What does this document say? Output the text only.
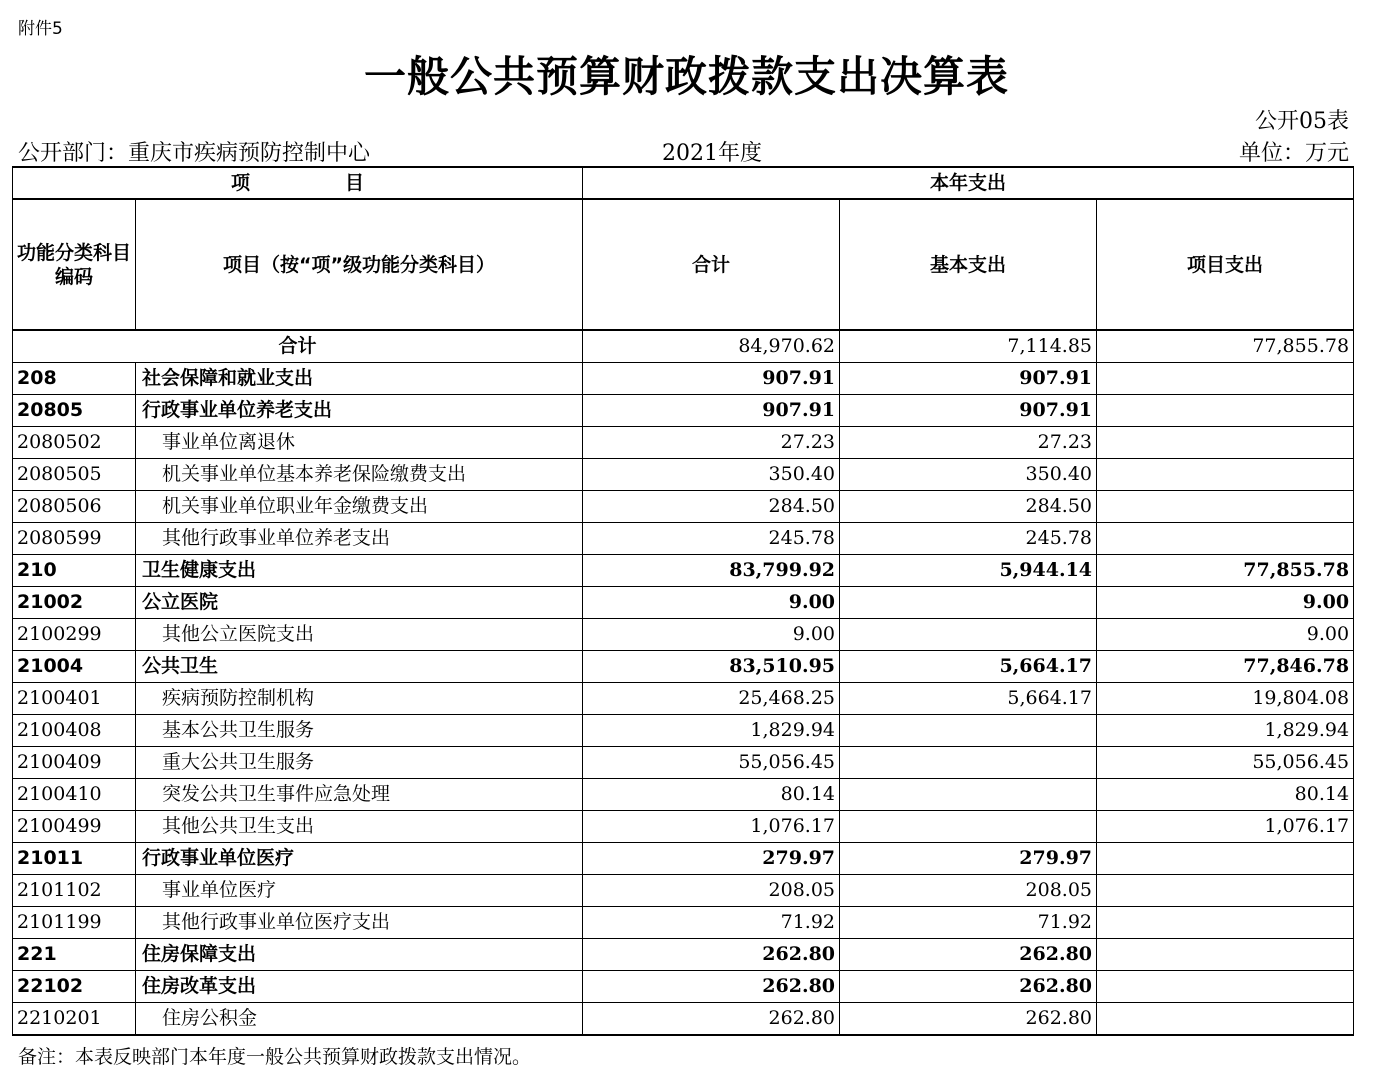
附件5
一般公共预算财政拨款支出决算表
公开05表
公开部门：重庆市疾病预防控制中心	2021年度	单位：万元
项　　　　　目		本年支出		
功能分类科目编码	项目（按“项”级功能分类科目）	合计	基本支出	项目支出
合计		84,970.62	7,114.85	77,855.78
208	社会保障和就业支出	907.91	907.91	
20805	行政事业单位养老支出	907.91	907.91	
2080502	事业单位离退休	27.23	27.23	
2080505	机关事业单位基本养老保险缴费支出	350.40	350.40	
2080506	机关事业单位职业年金缴费支出	284.50	284.50	
2080599	其他行政事业单位养老支出	245.78	245.78	
210	卫生健康支出	83,799.92	5,944.14	77,855.78
21002	公立医院	9.00		9.00
2100299	其他公立医院支出	9.00		9.00
21004	公共卫生	83,510.95	5,664.17	77,846.78
2100401	疾病预防控制机构	25,468.25	5,664.17	19,804.08
2100408	基本公共卫生服务	1,829.94		1,829.94
2100409	重大公共卫生服务	55,056.45		55,056.45
2100410	突发公共卫生事件应急处理	80.14		80.14
2100499	其他公共卫生支出	1,076.17		1,076.17
21011	行政事业单位医疗	279.97	279.97	
2101102	事业单位医疗	208.05	208.05	
2101199	其他行政事业单位医疗支出	71.92	71.92	
221	住房保障支出	262.80	262.80	
22102	住房改革支出	262.80	262.80	
2210201	住房公积金	262.80	262.80	
备注：本表反映部门本年度一般公共预算财政拨款支出情况。
